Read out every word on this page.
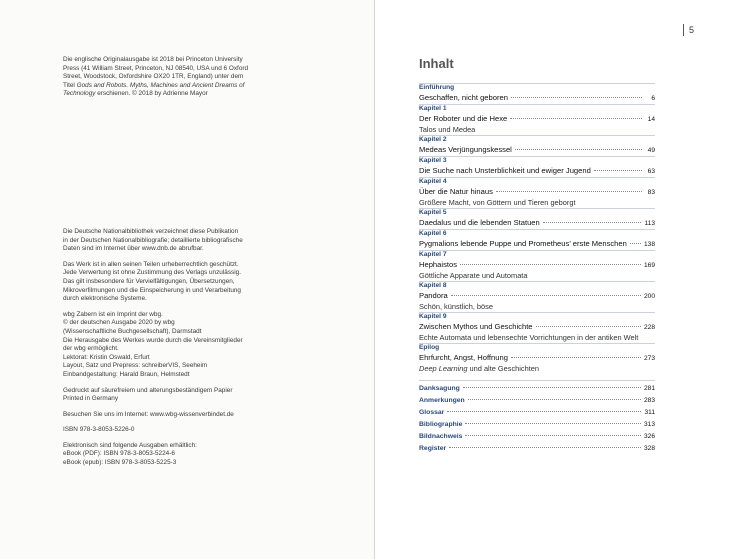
Die englische Originalausgabe ist 2018 bei Princeton University
Press (41 William Street, Princeton, NJ 08540, USA und 6 Oxford
Street, Woodstock, Oxfordshire OX20 1TR, England) unter dem
Titel Gods and Robots. Myths, Machines and Ancient Dreams of
Technology erschienen. © 2018 by Adrienne Mayor

Die Deutsche Nationalbibliothek verzeichnet diese Publikation
in der Deutschen Nationalbibliografie; detaillierte bibliografische
Daten sind im Internet über www.dnb.de abrufbar.

Das Werk ist in allen seinen Teilen urheberrechtlich geschützt.
Jede Verwertung ist ohne Zustimmung des Verlags unzulässig.
Das gilt insbesondere für Vervielfältigungen, Übersetzungen,
Mikroverfilmungen und die Einspeicherung in und Verarbeitung
durch elektronische Systeme.

wbg Zabern ist ein Imprint der wbg.
© der deutschen Ausgabe 2020 by wbg
(Wissenschaftliche Buchgesellschaft), Darmstadt
Die Herausgabe des Werkes wurde durch die Vereinsmitglieder
der wbg ermöglicht.
Lektorat: Kristin Oswald, Erfurt
Layout, Satz und Prepress: schreiberVIS, Seeheim
Einbandgestaltung: Harald Braun, Helmstedt

Gedruckt auf säurefreiem und alterungsbeständigem Papier
Printed in Germany

Besuchen Sie uns im Internet: www.wbg-wissenverbindet.de

ISBN 978-3-8053-5226-0

Elektronisch sind folgende Ausgaben erhältlich:
eBook (PDF): ISBN 978-3-8053-5224-6
eBook (epub): ISBN 978-3-8053-5225-3

5
Inhalt
Einführung
Geschaffen, nicht geboren	6
Kapitel 1
Der Roboter und die Hexe	14
Talos und Medea
Kapitel 2
Medeas Verjüngungskessel	49
Kapitel 3
Die Suche nach Unsterblichkeit und ewiger Jugend	63
Kapitel 4
Über die Natur hinaus	83
Größere Macht, von Göttern und Tieren geborgt
Kapitel 5
Daedalus und die lebenden Statuen	113
Kapitel 6
Pygmalions lebende Puppe und Prometheus’ erste Menschen	138
Kapitel 7
Hephaistos	169
Göttliche Apparate und Automata
Kapitel 8
Pandora	200
Schön, künstlich, böse
Kapitel 9
Zwischen Mythos und Geschichte	228
Echte Automata und lebensechte Vorrichtungen in der antiken Welt
Epilog
Ehrfurcht, Angst, Hoffnung	273
Deep Learning und alte Geschichten
Danksagung	281
Anmerkungen	283
Glossar	311
Bibliographie	313
Bildnachweis	326
Register	328
